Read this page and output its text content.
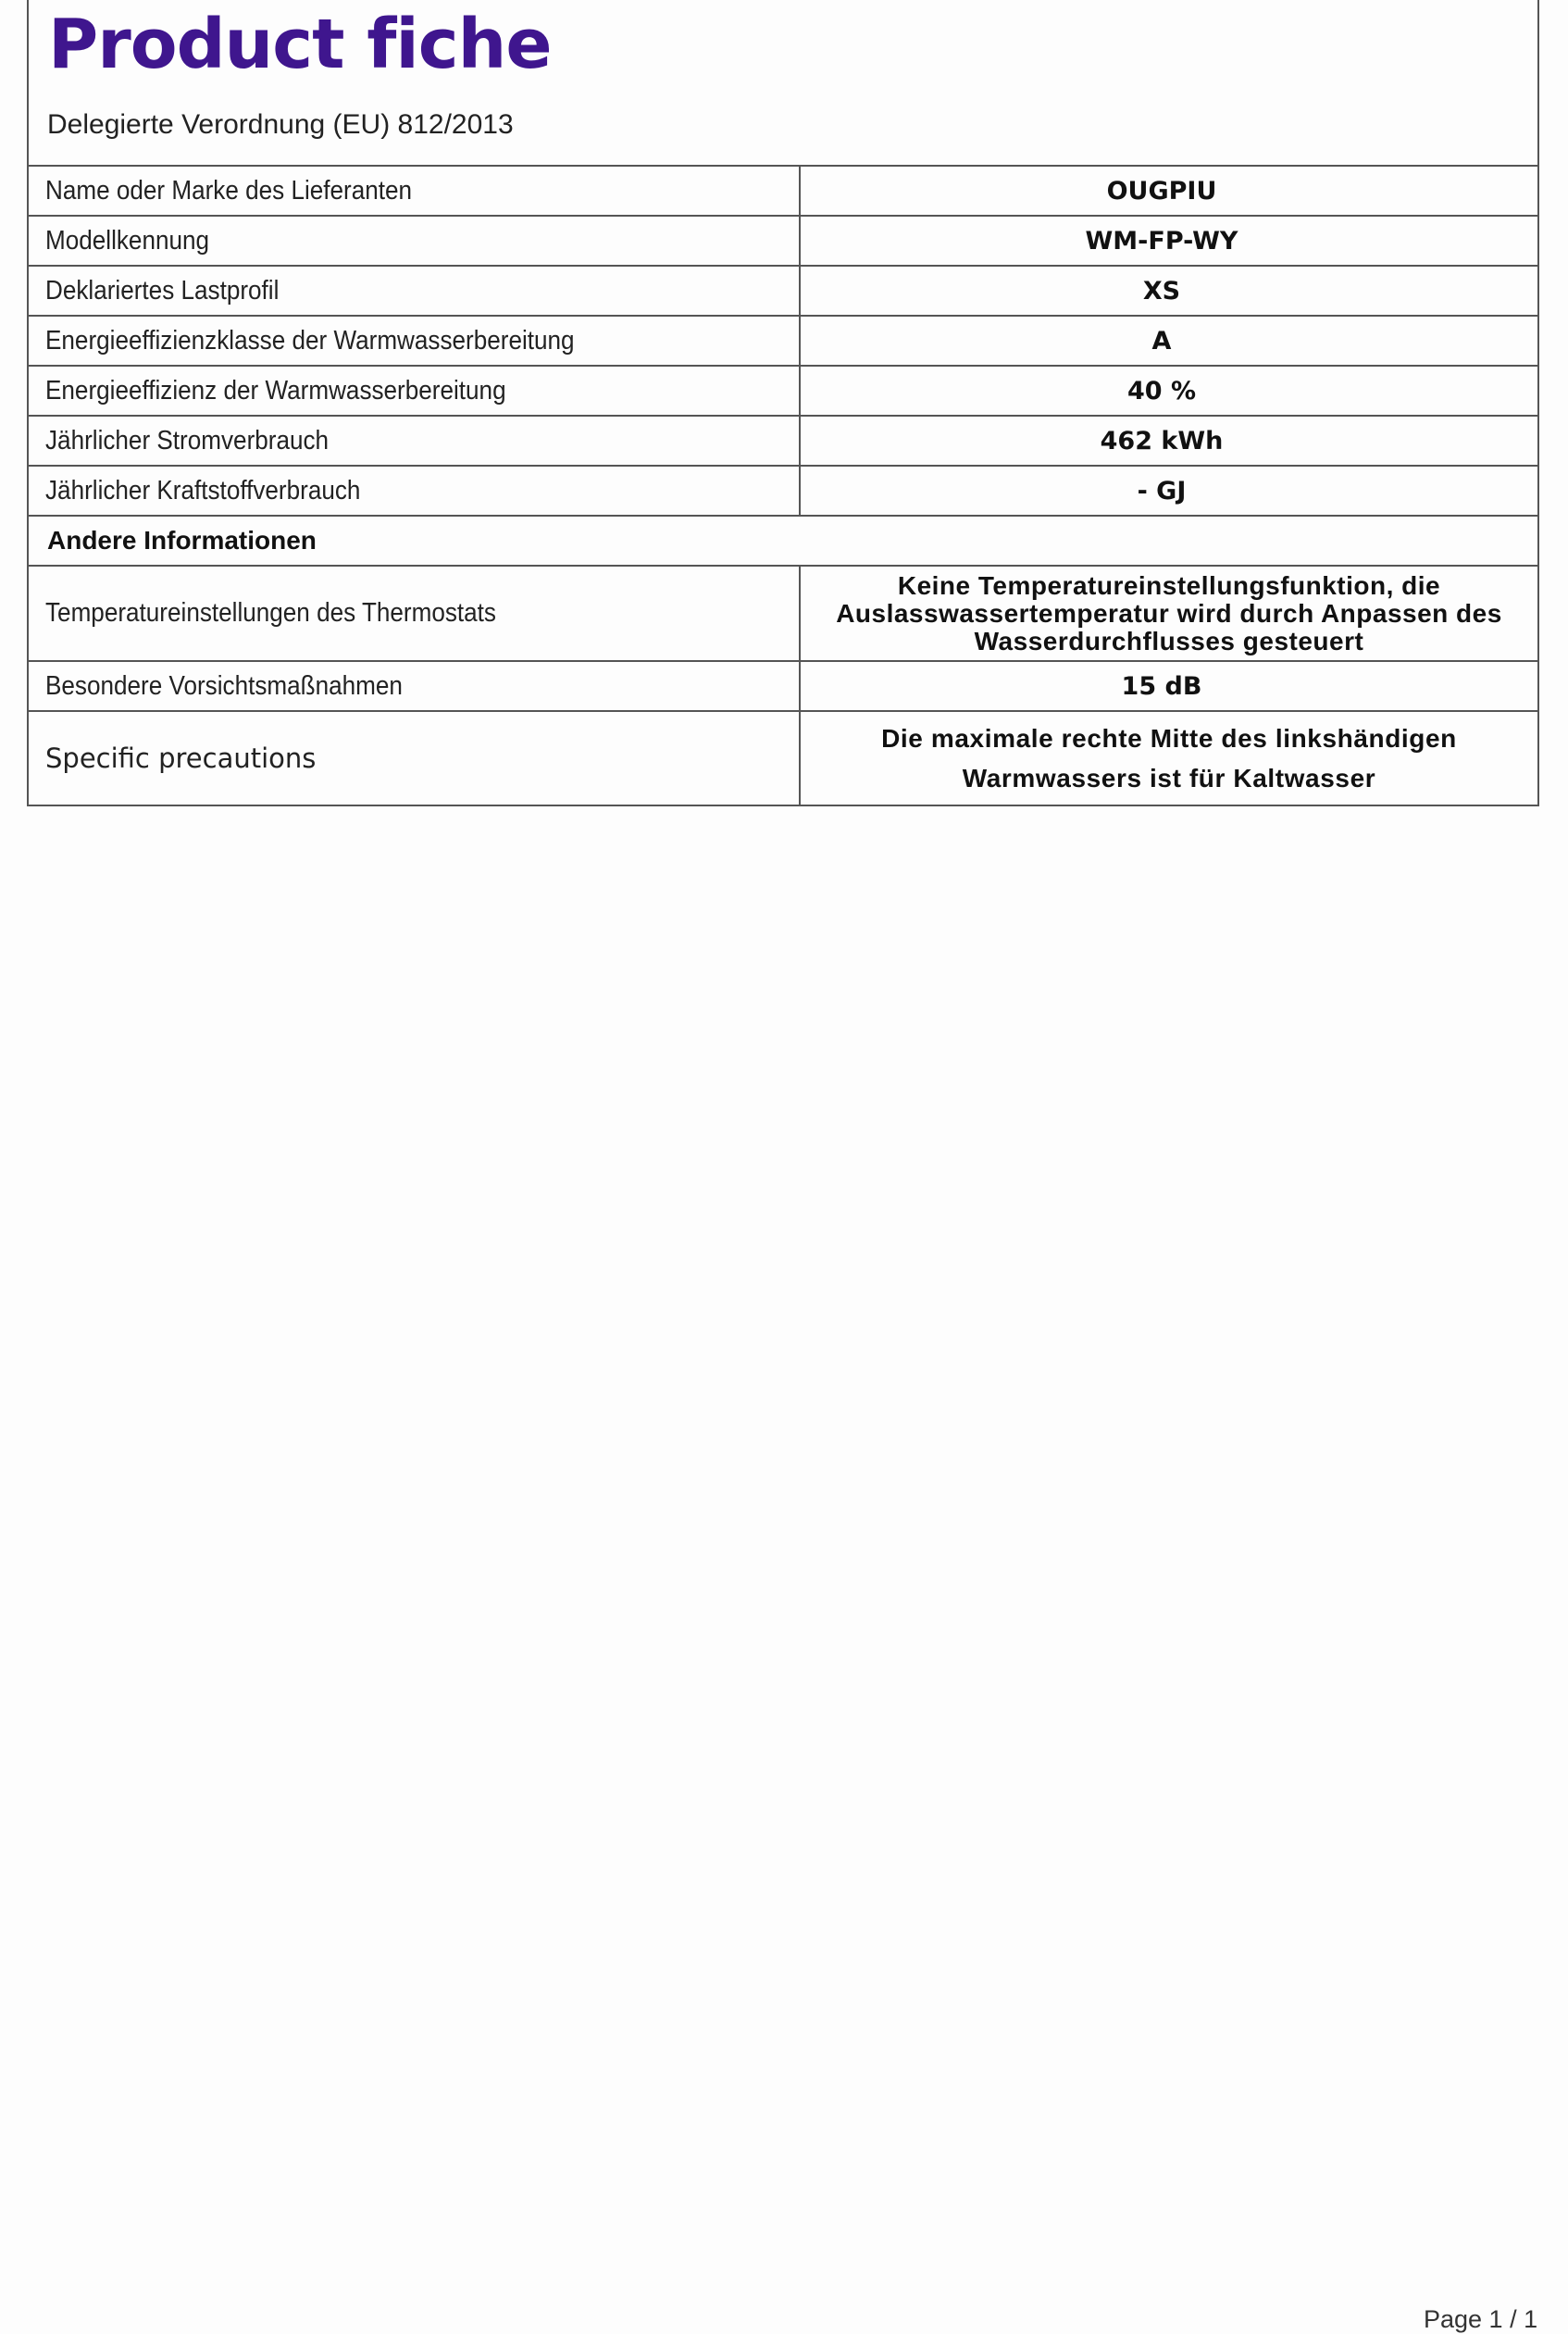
Product fiche
Delegierte Verordnung (EU) 812/2013
Name oder Marke des Lieferanten	OUGPIU
Modellkennung	WM-FP-WY
Deklariertes Lastprofil	XS
Energieeffizienzklasse der Warmwasserbereitung	A
Energieeffizienz der Warmwasserbereitung	40 %
Jährlicher Stromverbrauch	462 kWh
Jährlicher Kraftstoffverbrauch	- GJ
Andere Informationen	
Temperatureinstellungen des Thermostats	Keine Temperatureinstellungsfunktion, die
Auslasswassertemperatur wird durch Anpassen des
Wasserdurchflusses gesteuert
Besondere Vorsichtsmaßnahmen	15 dB
Specific precautions	Die maximale rechte Mitte des linkshändigen
Warmwassers ist für Kaltwasser
Page 1 / 1
